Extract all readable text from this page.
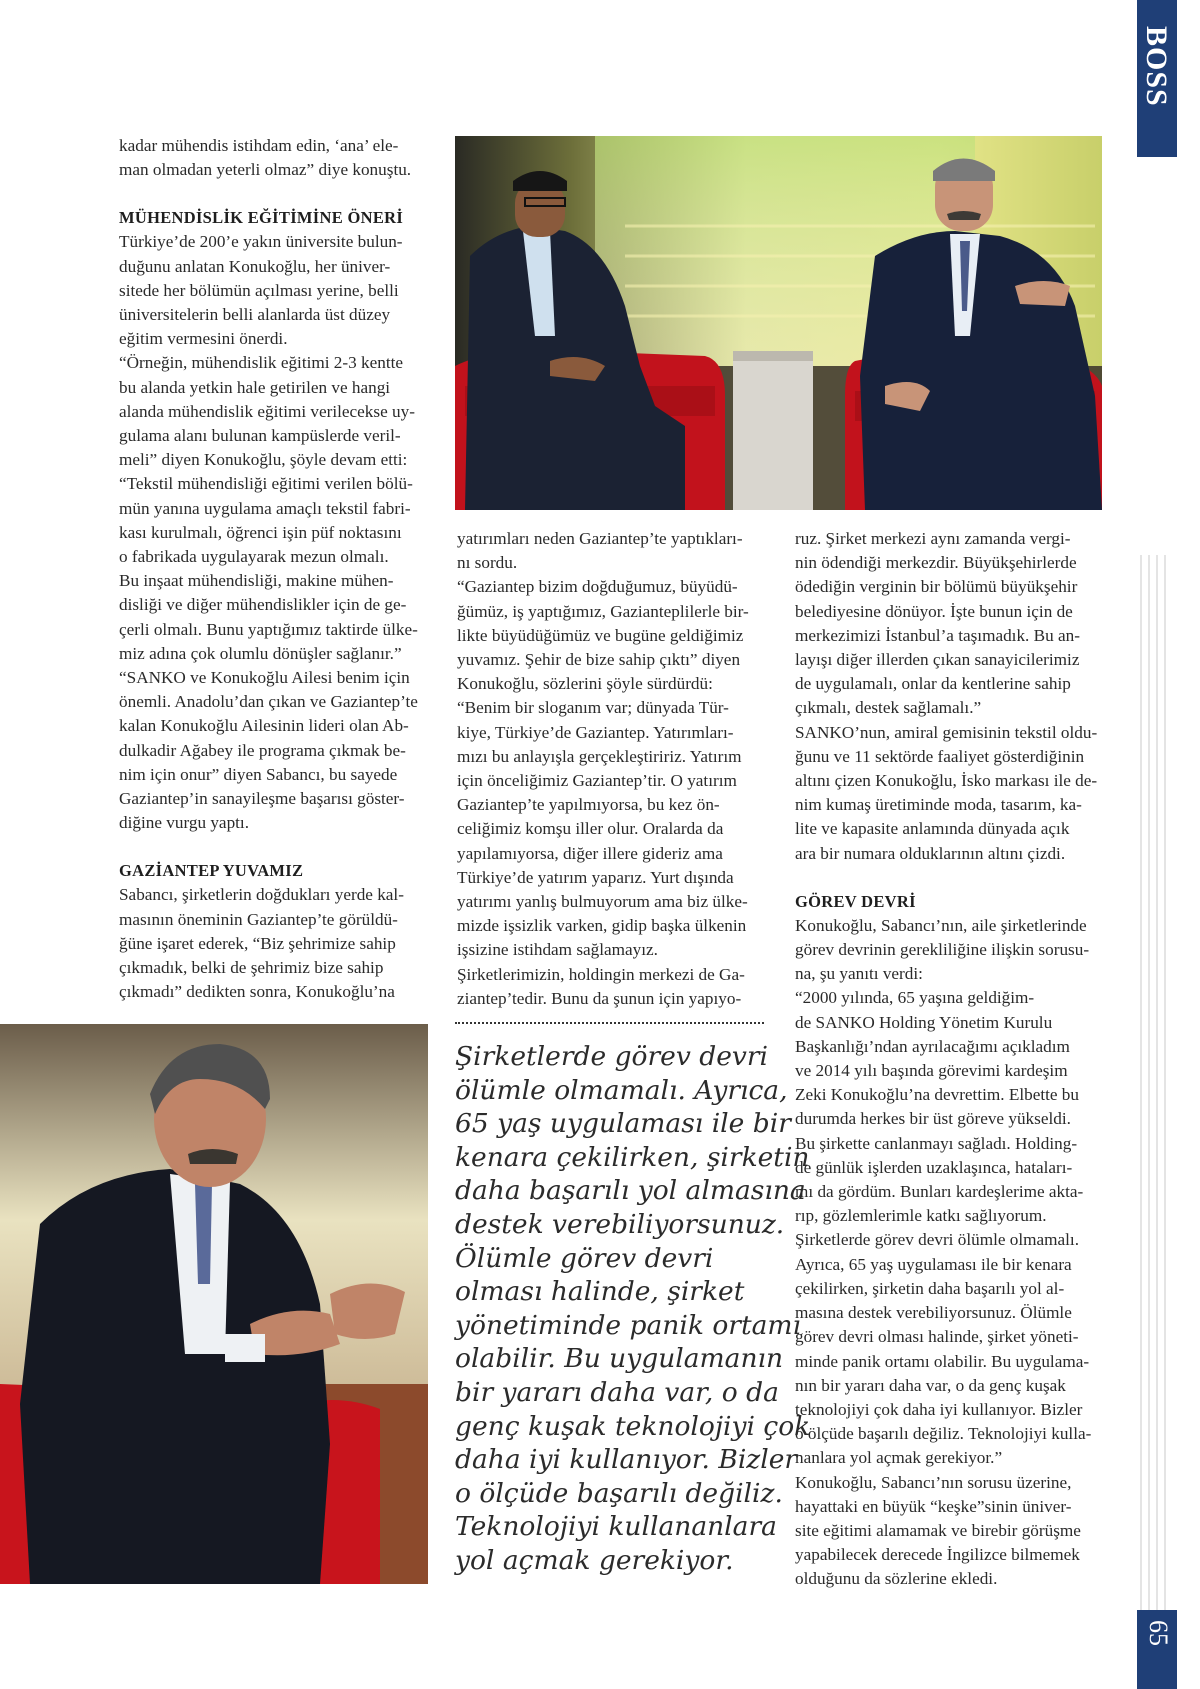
BOSS
65

kadar mühendis istihdam edin, ‘ana’ ele-

man olmadan yeterli olmaz” diye konuştu.

MÜHENDİSLİK EĞİTİMİNE ÖNERİ

Türkiye’de 200’e yakın üniversite bulun-

duğunu anlatan Konukoğlu, her üniver-

sitede her bölümün açılması yerine, belli

üniversitelerin belli alanlarda üst düzey

eğitim vermesini önerdi.

“Örneğin, mühendislik eğitimi 2-3 kentte

bu alanda yetkin hale getirilen ve hangi

alanda mühendislik eğitimi verilecekse uy-

gulama alanı bulunan kampüslerde veril-

meli” diyen Konukoğlu, şöyle devam etti:

“Tekstil mühendisliği eğitimi verilen bölü-

mün yanına uygulama amaçlı tekstil fabri-

kası kurulmalı, öğrenci işin püf noktasını

o fabrikada uygulayarak mezun olmalı.

Bu inşaat mühendisliği, makine mühen-

disliği ve diğer mühendislikler için de ge-

çerli olmalı. Bunu yaptığımız taktirde ülke-

miz adına çok olumlu dönüşler sağlanır.”

“SANKO ve Konukoğlu Ailesi benim için

önemli. Anadolu’dan çıkan ve Gaziantep’te

kalan Konukoğlu Ailesinin lideri olan Ab-

dulkadir Ağabey ile programa çıkmak be-

nim için onur” diyen Sabancı, bu sayede

Gaziantep’in sanayileşme başarısı göster-

diğine vurgu yaptı.

GAZİANTEP YUVAMIZ

Sabancı, şirketlerin doğdukları yerde kal-

masının öneminin Gaziantep’te görüldü-

ğüne işaret ederek, “Biz şehrimize sahip

çıkmadık, belki de şehrimiz bize sahip

çıkmadı” dedikten sonra, Konukoğlu’na

yatırımları neden Gaziantep’te yaptıkları-

nı sordu.

“Gaziantep bizim doğduğumuz, büyüdü-

ğümüz, iş yaptığımız, Gazianteplilerle bir-

likte büyüdüğümüz ve bugüne geldiğimiz

yuvamız. Şehir de bize sahip çıktı” diyen

Konukoğlu, sözlerini şöyle sürdürdü:

“Benim bir sloganım var; dünyada Tür-

kiye, Türkiye’de Gaziantep. Yatırımları-

mızı bu anlayışla gerçekleştiririz. Yatırım

için önceliğimiz Gaziantep’tir. O yatırım

Gaziantep’te yapılmıyorsa, bu kez ön-

celiğimiz komşu iller olur. Oralarda da

yapılamıyorsa, diğer illere gideriz ama

Türkiye’de yatırım yaparız. Yurt dışında

yatırımı yanlış bulmuyorum ama biz ülke-

mizde işsizlik varken, gidip başka ülkenin

işsizine istihdam sağlamayız.

Şirketlerimizin, holdingin merkezi de Ga-

ziantep’tedir. Bunu da şunun için yapıyo-

Şirketlerde görev devri
ölümle olmamalı. Ayrıca,
65 yaş uygulaması ile bir
kenara çekilirken, şirketin
daha başarılı yol almasına
destek verebiliyorsunuz.
Ölümle görev devri
olması halinde, şirket
yönetiminde panik ortamı
olabilir. Bu uygulamanın
bir yararı daha var, o da
genç kuşak teknolojiyi çok
daha iyi kullanıyor. Bizler
o ölçüde başarılı değiliz.
Teknolojiyi kullananlara
yol açmak gerekiyor.

ruz. Şirket merkezi aynı zamanda vergi-

nin ödendiği merkezdir. Büyükşehirlerde

ödediğin verginin bir bölümü büyükşehir

belediyesine dönüyor. İşte bunun için de

merkezimizi İstanbul’a taşımadık. Bu an-

layışı diğer illerden çıkan sanayicilerimiz

de uygulamalı, onlar da kentlerine sahip

çıkmalı, destek sağlamalı.”

SANKO’nun, amiral gemisinin tekstil oldu-

ğunu ve 11 sektörde faaliyet gösterdiğinin

altını çizen Konukoğlu, İsko markası ile de-

nim kumaş üretiminde moda, tasarım, ka-

lite ve kapasite anlamında dünyada açık

ara bir numara olduklarının altını çizdi.

GÖREV DEVRİ

Konukoğlu, Sabancı’nın, aile şirketlerinde

görev devrinin gerekliliğine ilişkin sorusu-

na, şu yanıtı verdi:

“2000 yılında, 65 yaşına geldiğim-

de SANKO Holding Yönetim Kurulu

Başkanlığı’ndan ayrılacağımı açıkladım

ve 2014 yılı başında görevimi kardeşim

Zeki Konukoğlu’na devrettim. Elbette bu

durumda herkes bir üst göreve yükseldi.

Bu şirkette canlanmayı sağladı. Holding-

de günlük işlerden uzaklaşınca, hataları-

mı da gördüm. Bunları kardeşlerime akta-

rıp, gözlemlerimle katkı sağlıyorum.

Şirketlerde görev devri ölümle olmamalı.

Ayrıca, 65 yaş uygulaması ile bir kenara

çekilirken, şirketin daha başarılı yol al-

masına destek verebiliyorsunuz. Ölümle

görev devri olması halinde, şirket yöneti-

minde panik ortamı olabilir. Bu uygulama-

nın bir yararı daha var, o da genç kuşak

teknolojiyi çok daha iyi kullanıyor. Bizler

o ölçüde başarılı değiliz. Teknolojiyi kulla-

nanlara yol açmak gerekiyor.”

Konukoğlu, Sabancı’nın sorusu üzerine,

hayattaki en büyük “keşke”sinin üniver-

site eğitimi alamamak ve birebir görüşme

yapabilecek derecede İngilizce bilmemek

olduğunu da sözlerine ekledi.
